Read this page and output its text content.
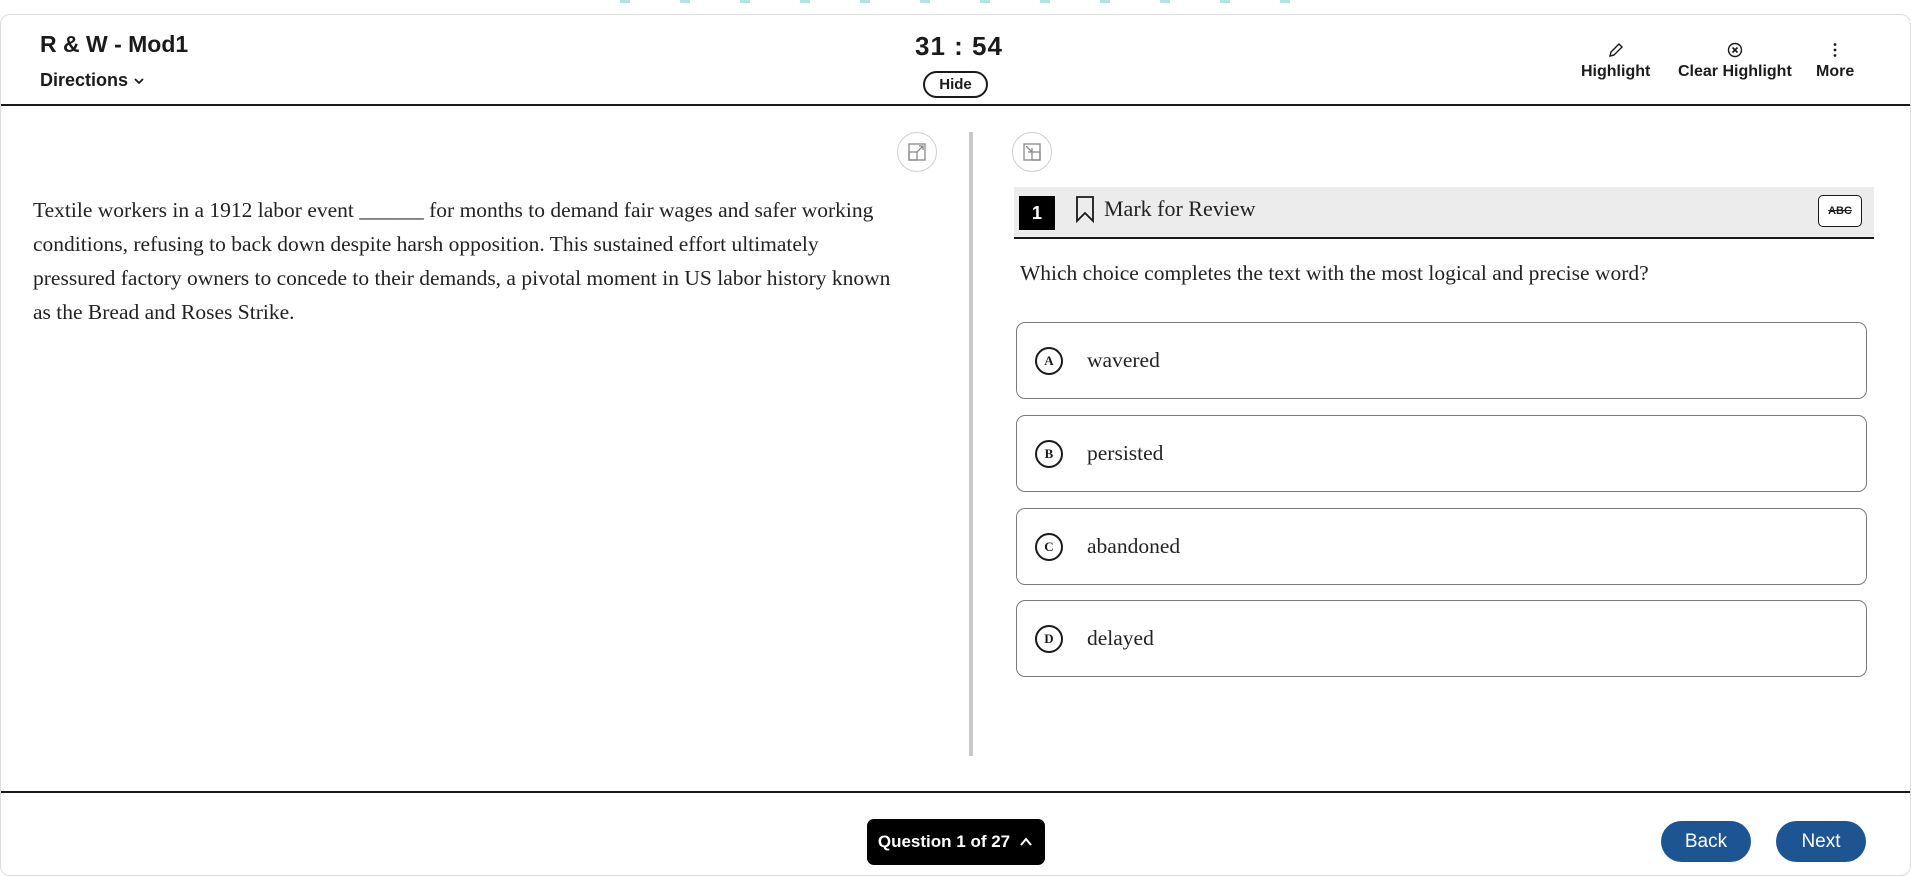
R & W - Mod1
Directions
31 : 54
Hide
Highlight Clear Highlight More
Textile workers in a 1912 labor event ______ for months to demand fair wages and safer working conditions, refusing to back down despite harsh opposition. This sustained effort ultimately pressured factory owners to concede to their demands, a pivotal moment in US labor history known as the Bread and Roses Strike.
1	Mark for Review	ABC
Which choice completes the text with the most logical and precise word?
A	wavered
B	persisted
C	abandoned
D	delayed
Question 1 of 27	Back	Next
